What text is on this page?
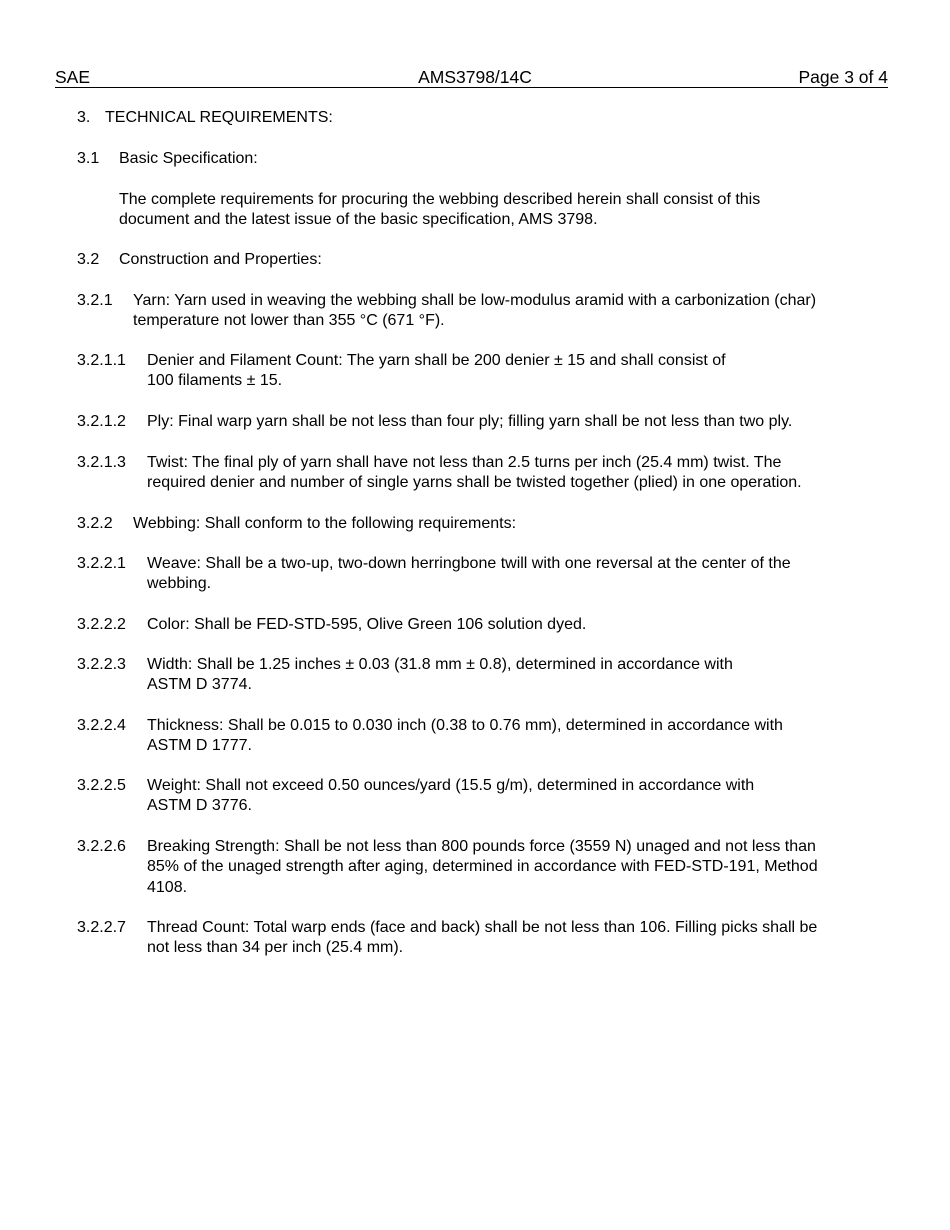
SAE	AMS3798/14C	Page 3 of 4
3. TECHNICAL REQUIREMENTS:
3.1 Basic Specification:
The complete requirements for procuring the webbing described herein shall consist of this
document and the latest issue of the basic specification, AMS 3798.
3.2 Construction and Properties:
3.2.1 Yarn: Yarn used in weaving the webbing shall be low-modulus aramid with a carbonization (char)
temperature not lower than 355 °C (671 °F).
3.2.1.1 Denier and Filament Count: The yarn shall be 200 denier ± 15 and shall consist of
100 filaments ± 15.
3.2.1.2 Ply: Final warp yarn shall be not less than four ply; filling yarn shall be not less than two ply.
3.2.1.3 Twist: The final ply of yarn shall have not less than 2.5 turns per inch (25.4 mm) twist. The
required denier and number of single yarns shall be twisted together (plied) in one operation.
3.2.2 Webbing: Shall conform to the following requirements:
3.2.2.1 Weave: Shall be a two-up, two-down herringbone twill with one reversal at the center of the
webbing.
3.2.2.2 Color: Shall be FED-STD-595, Olive Green 106 solution dyed.
3.2.2.3 Width: Shall be 1.25 inches ± 0.03 (31.8 mm ± 0.8), determined in accordance with
ASTM D 3774.
3.2.2.4 Thickness: Shall be 0.015 to 0.030 inch (0.38 to 0.76 mm), determined in accordance with
ASTM D 1777.
3.2.2.5 Weight: Shall not exceed 0.50 ounces/yard (15.5 g/m), determined in accordance with
ASTM D 3776.
3.2.2.6 Breaking Strength: Shall be not less than 800 pounds force (3559 N) unaged and not less than
85% of the unaged strength after aging, determined in accordance with FED-STD-191, Method
4108.
3.2.2.7 Thread Count: Total warp ends (face and back) shall be not less than 106. Filling picks shall be
not less than 34 per inch (25.4 mm).
